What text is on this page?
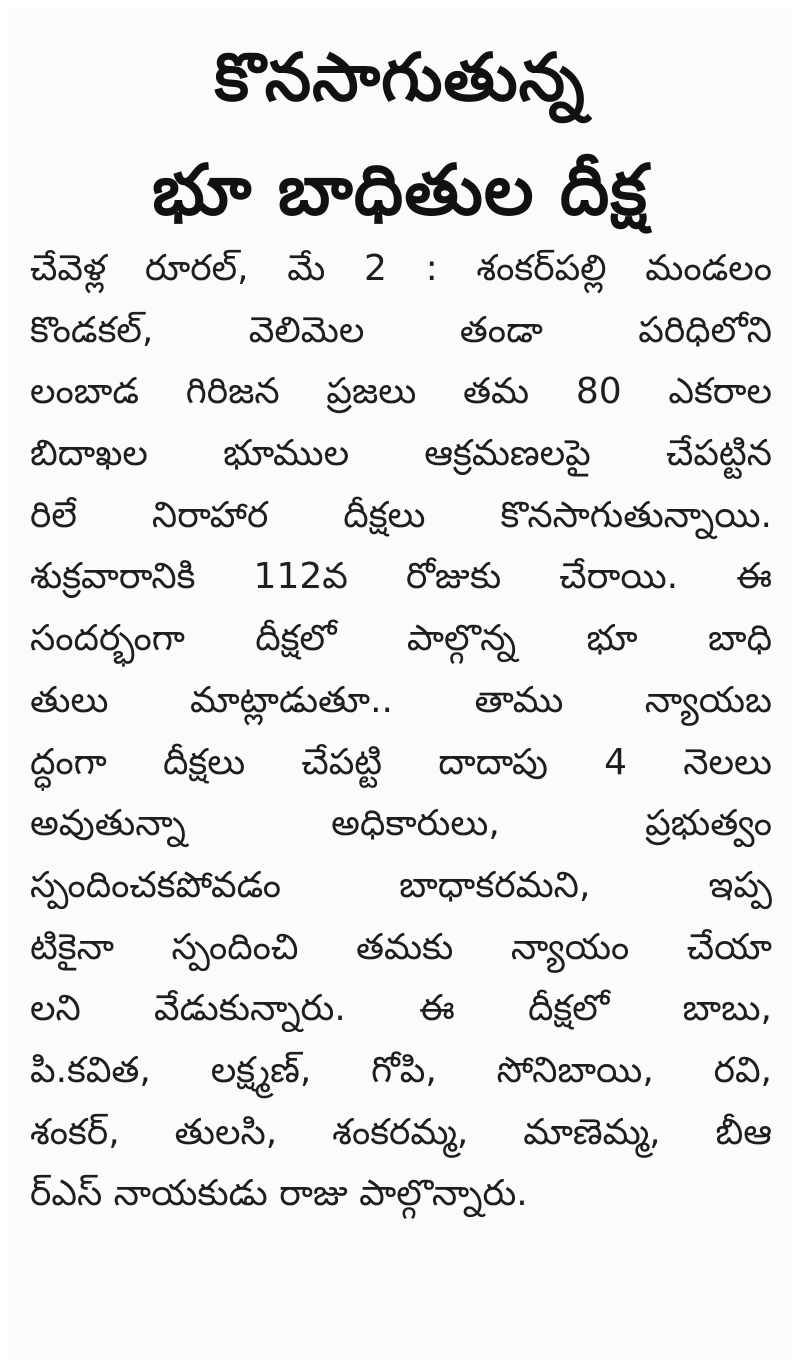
కొనసాగుతున్న
భూ బాధితుల దీక్ష
చేవెళ్ల రూరల్, మే 2 : శంకర్‌పల్లి మండలం
కొండకల్, వెలిమెల తండా పరిధిలోని
లంబాడ గిరిజన ప్రజలు తమ 80 ఎకరాల
బిదాఖల భూముల ఆక్రమణలపై చేపట్టిన
రిలే నిరాహార దీక్షలు కొనసాగుతున్నాయి.
శుక్రవారానికి 112వ రోజుకు చేరాయి. ఈ
సందర్భంగా దీక్షలో పాల్గొన్న భూ బాధి
తులు మాట్లాడుతూ.. తాము న్యాయబ
ద్ధంగా దీక్షలు చేపట్టి దాదాపు 4 నెలలు
అవుతున్నా అధికారులు, ప్రభుత్వం
స్పందించకపోవడం బాధాకరమని, ఇప్ప
టికైనా స్పందించి తమకు న్యాయం చేయా
లని వేడుకున్నారు. ఈ దీక్షలో బాబు,
పి.కవిత, లక్ష్మణ్, గోపి, సోనిబాయి, రవి,
శంకర్, తులసి, శంకరమ్మ, మాణెమ్మ, బీఆ
ర్‌ఎస్ నాయకుడు రాజు పాల్గొన్నారు.
